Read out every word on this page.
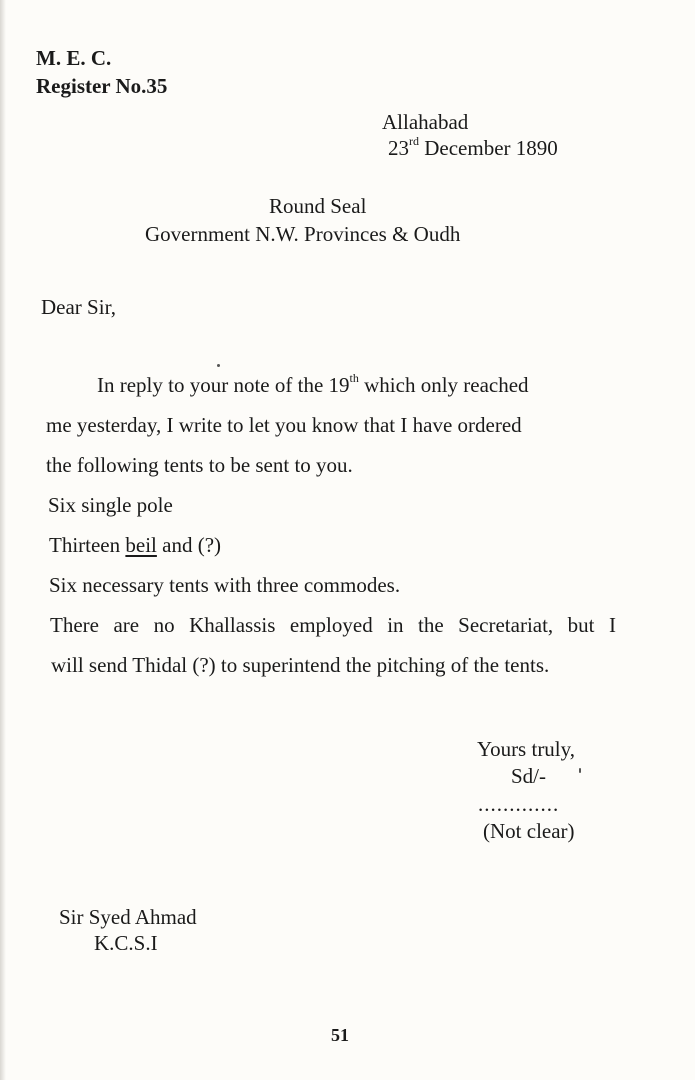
M. E. C.
Register No.35
Allahabad
23rd December 1890
Round Seal
Government N.W. Provinces & Oudh
Dear Sir,
In reply to your note of the 19th which only reached
me yesterday, I write to let you know that I have ordered
the following tents to be sent to you.
Six single pole
Thirteen beil and (?)
Six necessary tents with three commodes.
There are no Khallassis employed in the Secretariat, but I
will send Thidal (?) to superintend the pitching of the tents.
Yours truly,
Sd/-
.............
(Not clear)
Sir Syed Ahmad
K.C.S.I
51
